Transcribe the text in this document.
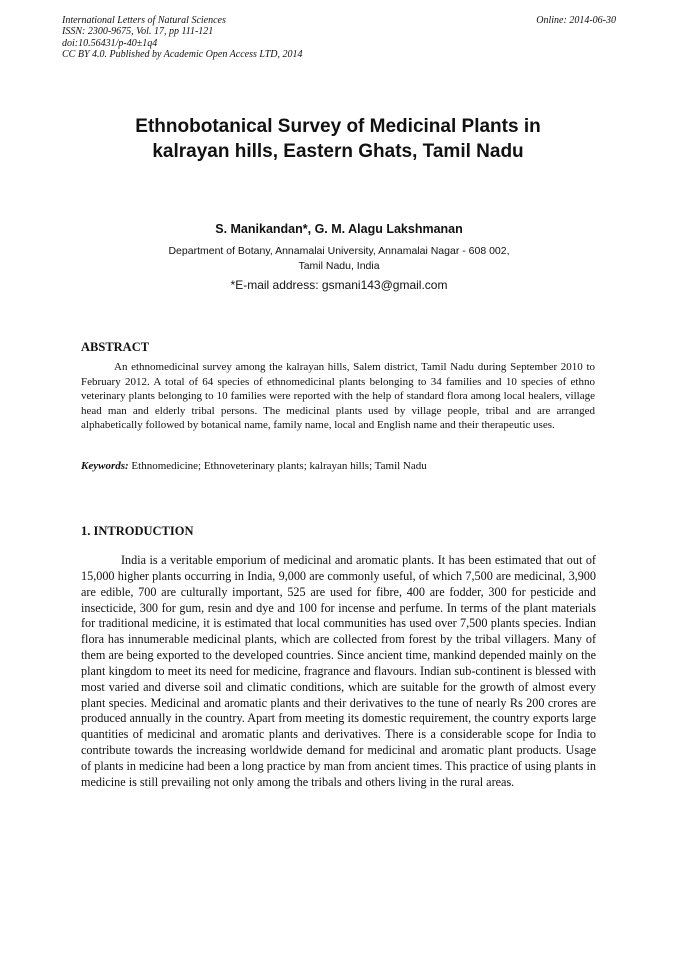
International Letters of Natural Sciences
ISSN: 2300-9675, Vol. 17, pp 111-121
doi:10.56431/p-40±1q4
CC BY 4.0. Published by Academic Open Access LTD, 2014
Online: 2014-06-30
Ethnobotanical Survey of Medicinal Plants in
kalrayan hills, Eastern Ghats, Tamil Nadu
S. Manikandan*, G. M. Alagu Lakshmanan
Department of Botany, Annamalai University, Annamalai Nagar - 608 002,
Tamil Nadu, India
*E-mail address: gsmani143@gmail.com
ABSTRACT

An ethnomedicinal survey among the kalrayan hills, Salem district, Tamil Nadu during September 2010 to February 2012. A total of 64 species of ethnomedicinal plants belonging to 34 families and 10 species of ethno veterinary plants belonging to 10 families were reported with the help of standard flora among local healers, village head man and elderly tribal persons. The medicinal plants used by village people, tribal and are arranged alphabetically followed by botanical name, family name, local and English name and their therapeutic uses.

Keywords: Ethnomedicine; Ethnoveterinary plants; kalrayan hills; Tamil Nadu
1. INTRODUCTION

India is a veritable emporium of medicinal and aromatic plants. It has been estimated that out of 15,000 higher plants occurring in India, 9,000 are commonly useful, of which 7,500 are medicinal, 3,900 are edible, 700 are culturally important, 525 are used for fibre, 400 are fodder, 300 for pesticide and insecticide, 300 for gum, resin and dye and 100 for incense and perfume. In terms of the plant materials for traditional medicine, it is estimated that local communities has used over 7,500 plants species. Indian flora has innumerable medicinal plants, which are collected from forest by the tribal villagers. Many of them are being exported to the developed countries. Since ancient time, mankind depended mainly on the plant kingdom to meet its need for medicine, fragrance and flavours. Indian sub-continent is blessed with most varied and diverse soil and climatic conditions, which are suitable for the growth of almost every plant species. Medicinal and aromatic plants and their derivatives to the tune of nearly Rs 200 crores are produced annually in the country. Apart from meeting its domestic requirement, the country exports large quantities of medicinal and aromatic plants and derivatives. There is a considerable scope for India to contribute towards the increasing worldwide demand for medicinal and aromatic plant products. Usage of plants in medicine had been a long practice by man from ancient times. This practice of using plants in medicine is still prevailing not only among the tribals and others living in the rural areas.
